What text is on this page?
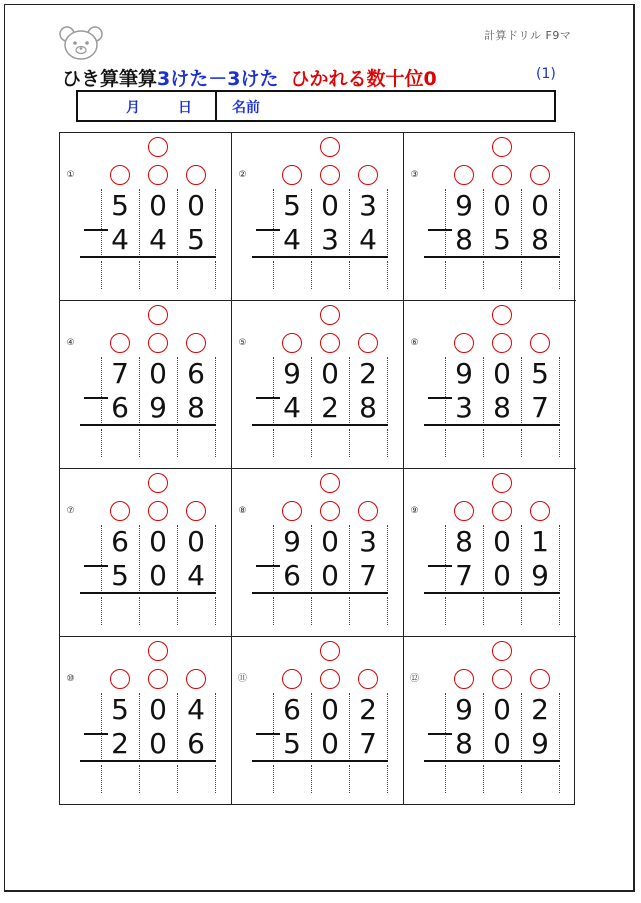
計算ドリル F9マ
ひき算筆算3けた－3けた ひかれる数十位0	(1)
月	日	名前
①
5 0 0
4 4 5
②
5 0 3
4 3 4
③
9 0 0
8 5 8
④
7 0 6
6 9 8
⑤
9 0 2
4 2 8
⑥
9 0 5
3 8 7
⑦
6 0 0
5 0 4
⑧
9 0 3
6 0 7
⑨
8 0 1
7 0 9
⑩
5 0 4
2 0 6
⑪
6 0 2
5 0 7
⑫
9 0 2
8 0 9
